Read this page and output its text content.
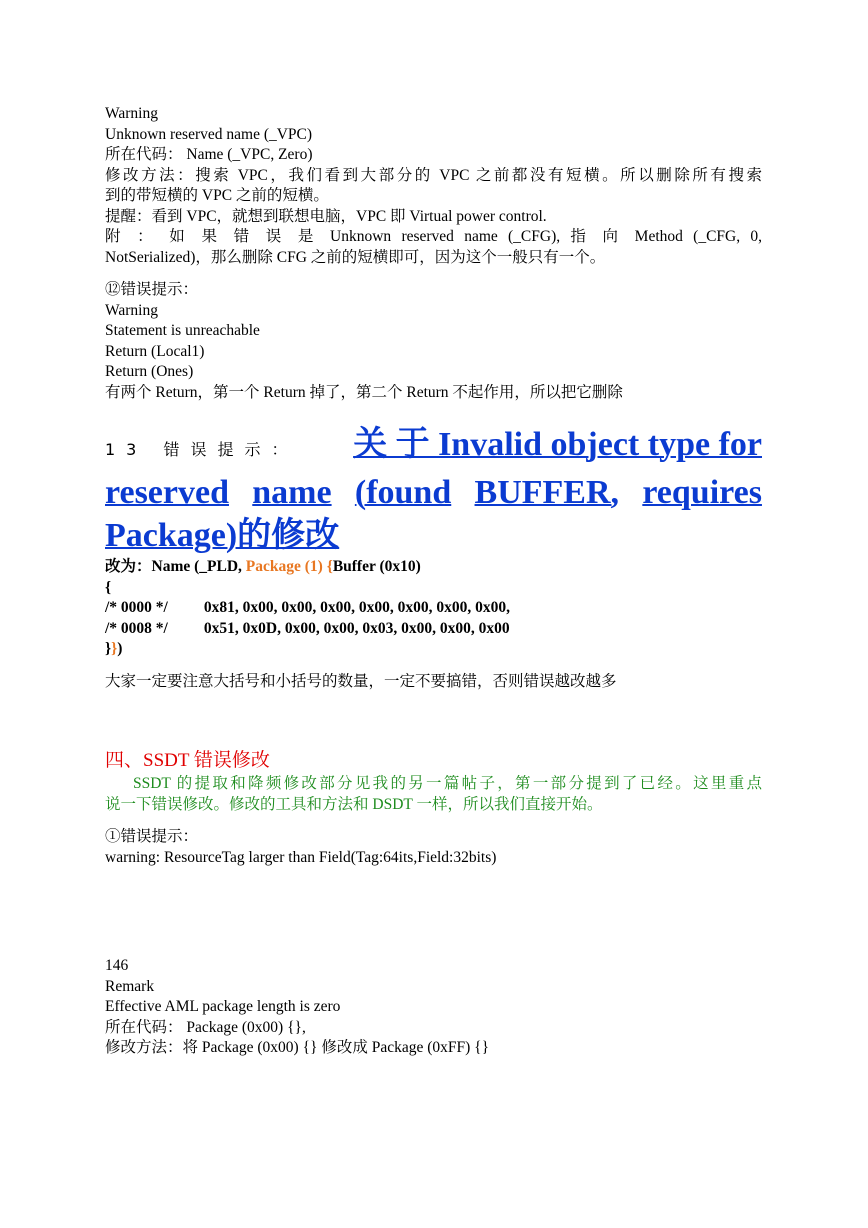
Warning
Unknown reserved name (_VPC)
所在代码： Name (_VPC, Zero)
修改方法：搜索 VPC，我们看到大部分的 VPC 之前都没有短横。所以删除所有搜索
到的带短横的 VPC 之前的短横。
提醒：看到 VPC，就想到联想电脑，VPC 即 Virtual power control.
附 ： 如 果 错 误 是 Unknown reserved name (_CFG), 指 向 Method (_CFG, 0,
NotSerialized)，那么删除 CFG 之前的短横即可，因为这个一般只有一个。
⑫错误提示：
Warning
Statement is unreachable
Return (Local1)
Return (Ones)
有两个 Return，第一个 Return 掉了，第二个 Return 不起作用，所以把它删除
13 错误提示： 关 于 Invalid object type for
reserved name (found BUFFER, requires
Package)的修改
改为：Name (_PLD, Package (1) {Buffer (0x10)
{
/* 0000 */ 0x81, 0x00, 0x00, 0x00, 0x00, 0x00, 0x00, 0x00,
/* 0008 */ 0x51, 0x0D, 0x00, 0x00, 0x03, 0x00, 0x00, 0x00
}})
大家一定要注意大括号和小括号的数量，一定不要搞错，否则错误越改越多
四、SSDT 错误修改
SSDT 的提取和降频修改部分见我的另一篇帖子，第一部分提到了已经。这里重点
说一下错误修改。修改的工具和方法和 DSDT 一样，所以我们直接开始。
①错误提示：
warning: ResourceTag larger than Field(Tag:64its,Field:32bits)
146
Remark
Effective AML package length is zero
所在代码： Package (0x00) {},
修改方法：将 Package (0x00) {} 修改成 Package (0xFF) {}
